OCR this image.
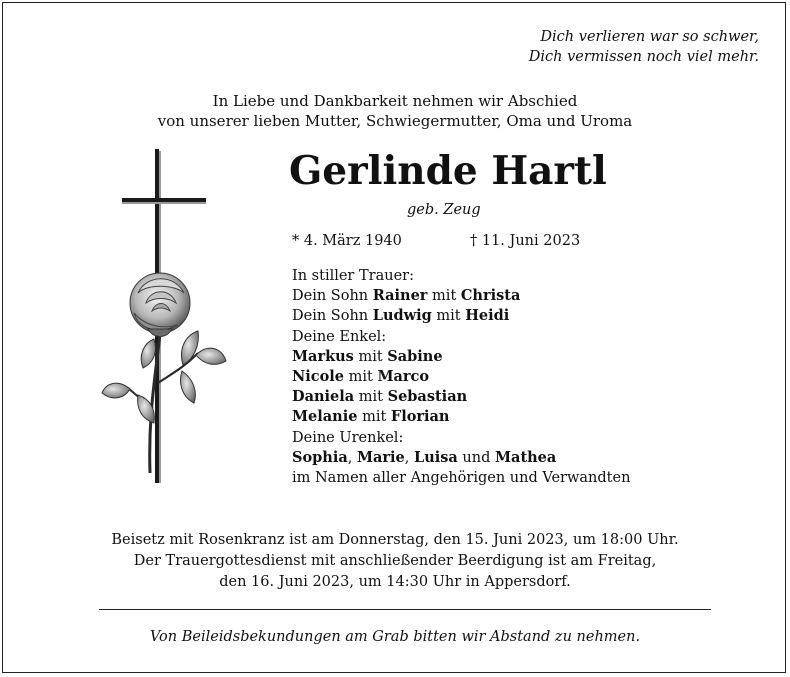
Dich verlieren war so schwer,
Dich vermissen noch viel mehr.
In Liebe und Dankbarkeit nehmen wir Abschied
von unserer lieben Mutter, Schwiegermutter, Oma und Uroma
Gerlinde Hartl
geb. Zeug
* 4. März 1940	† 11. Juni 2023
In stiller Trauer:
Dein Sohn Rainer mit Christa
Dein Sohn Ludwig mit Heidi
Deine Enkel:
Markus mit Sabine
Nicole mit Marco
Daniela mit Sebastian
Melanie mit Florian
Deine Urenkel:
Sophia, Marie, Luisa und Mathea
im Namen aller Angehörigen und Verwandten
Beisetz mit Rosenkranz ist am Donnerstag, den 15. Juni 2023, um 18:00 Uhr.
Der Trauergottesdienst mit anschließender Beerdigung ist am Freitag,
den 16. Juni 2023, um 14:30 Uhr in Appersdorf.
Von Beileidsbekundungen am Grab bitten wir Abstand zu nehmen.
